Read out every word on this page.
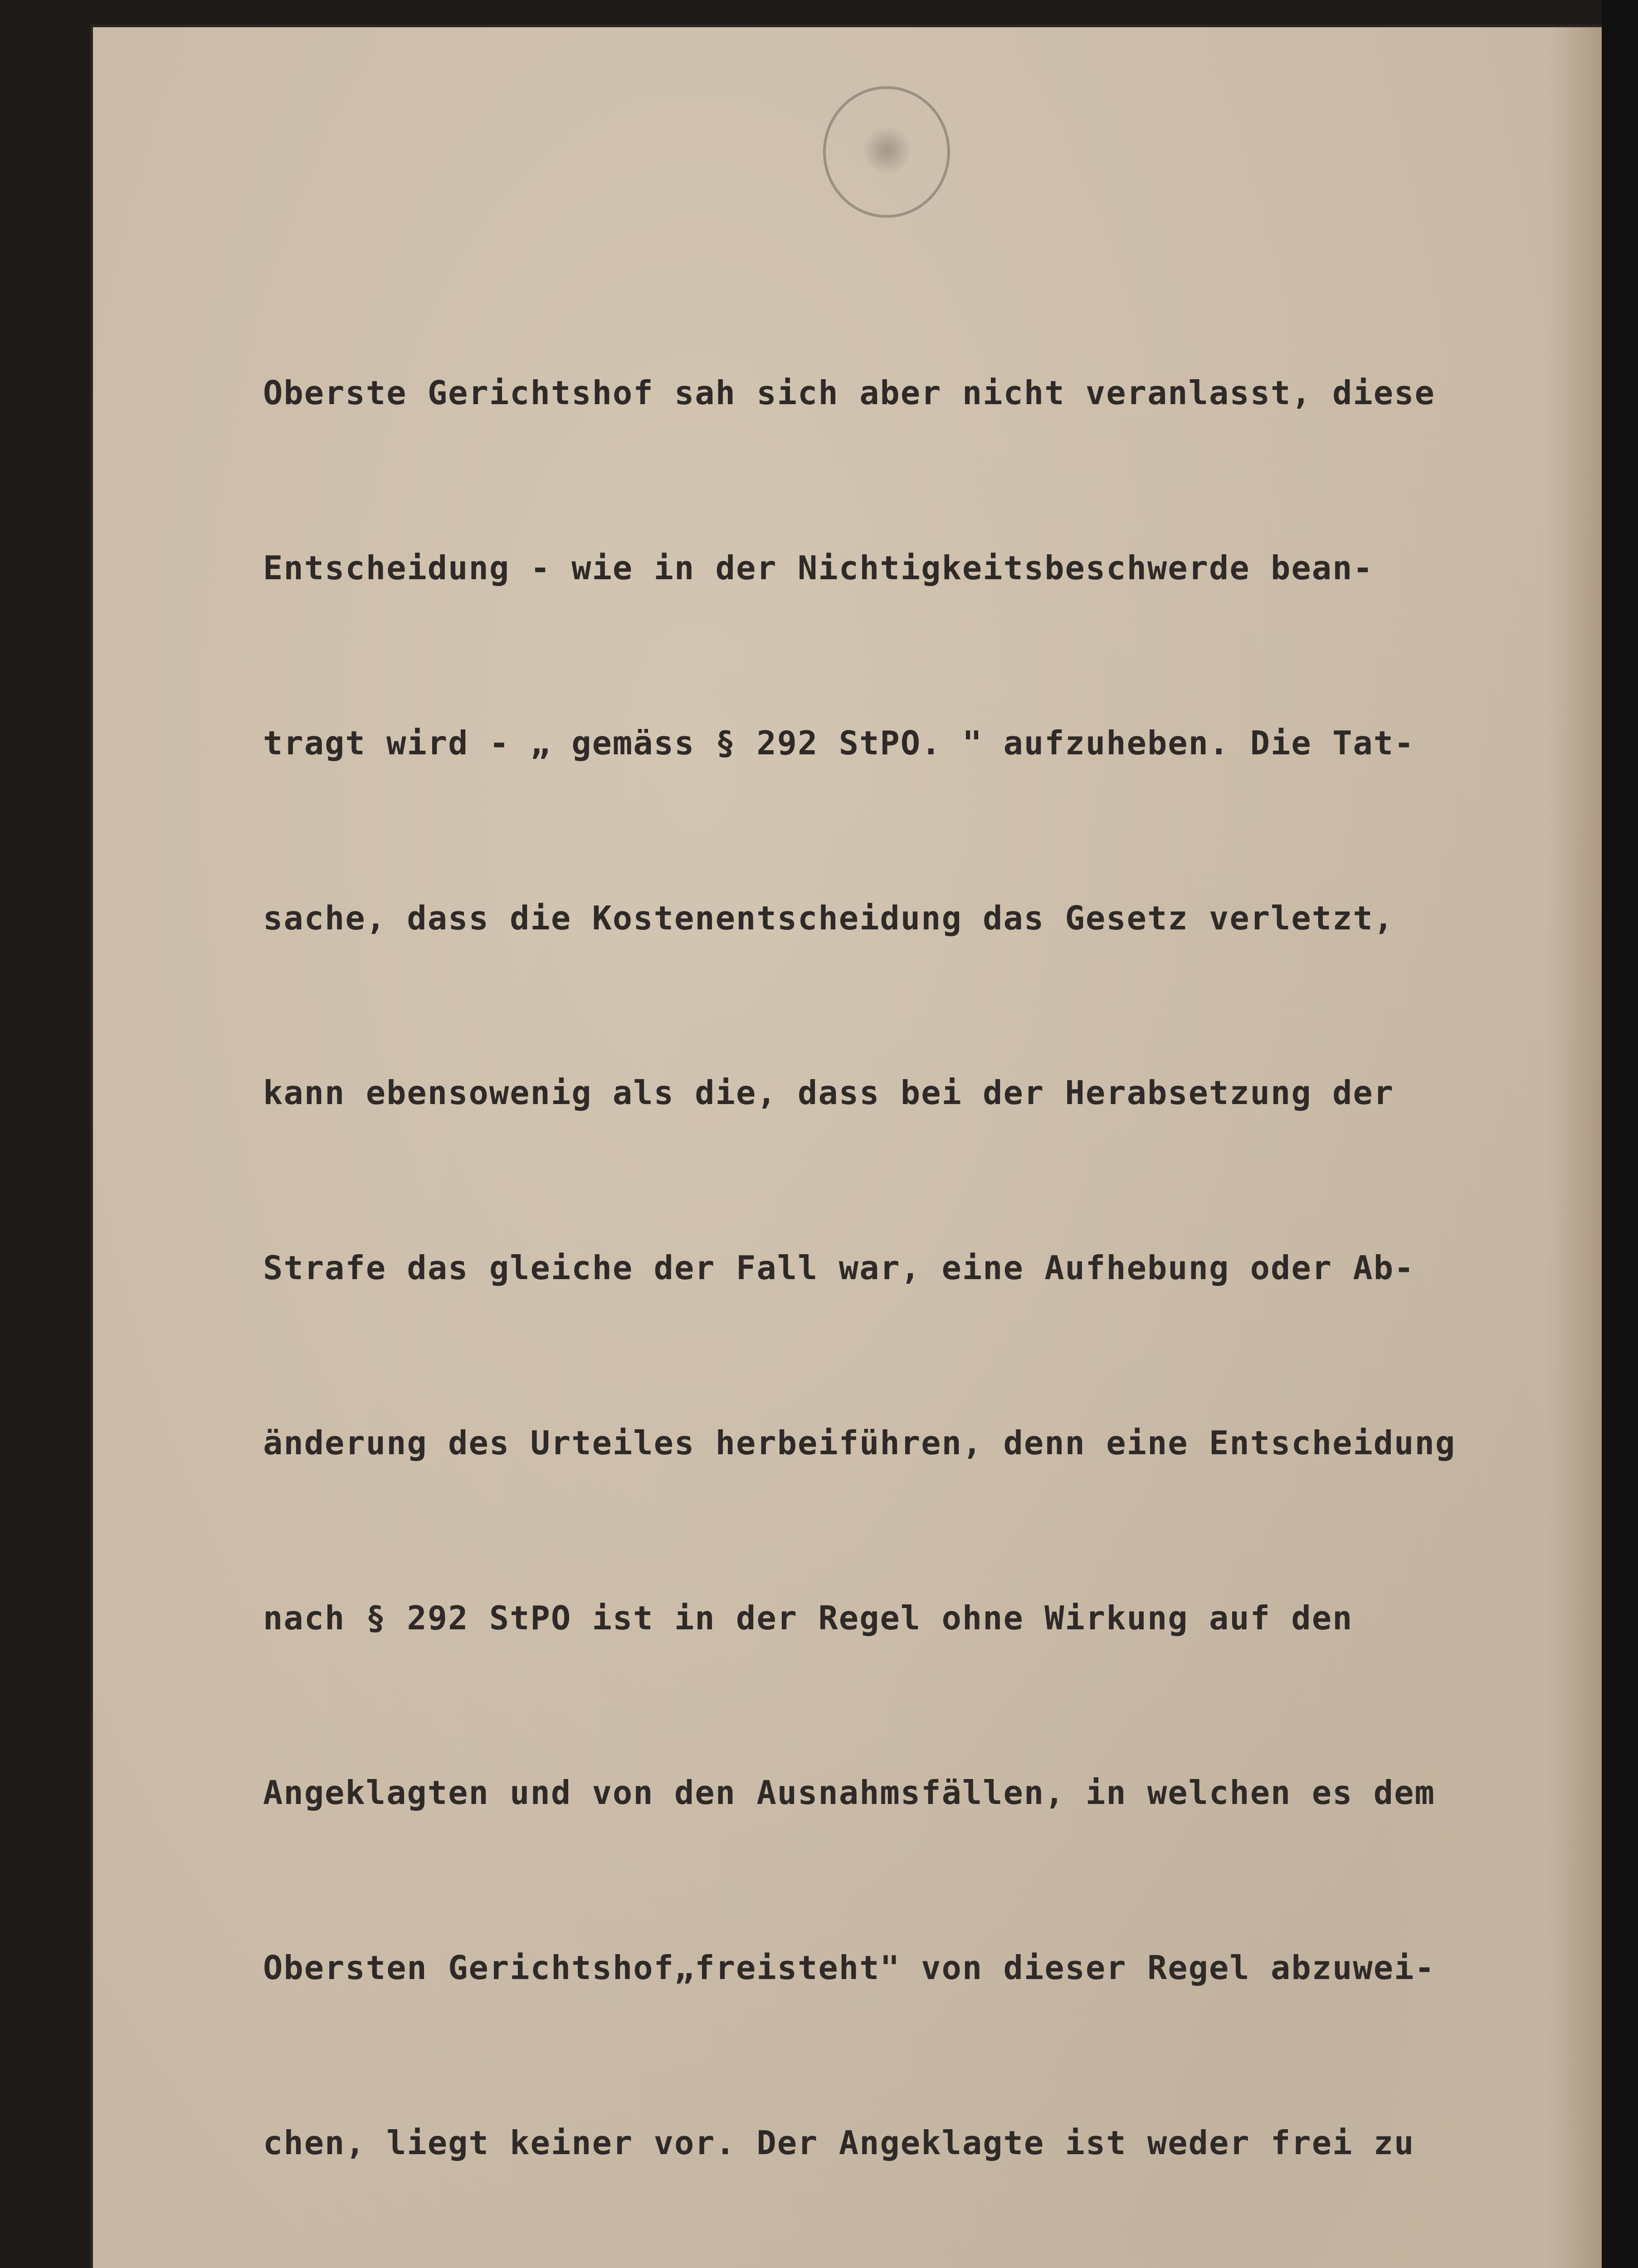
Oberste Gerichtshof sah sich aber nicht veranlasst, diese

Entscheidung - wie in der Nichtigkeitsbeschwerde bean-

tragt wird - „ gemäss § 292 StPO. " aufzuheben. Die Tat-

sache, dass die Kostenentscheidung das Gesetz verletzt,

kann ebensowenig als die, dass bei der Herabsetzung der

Strafe das gleiche der Fall war, eine Aufhebung oder Ab-

änderung des Urteiles herbeiführen, denn eine Entscheidung

nach § 292 StPO ist in der Regel ohne Wirkung auf den

Angeklagten und von den Ausnahmsfällen, in welchen es dem

Obersten Gerichtshof„freisteht" von dieser Regel abzuwei-

chen, liegt keiner vor. Der Angeklagte ist weder frei zu
